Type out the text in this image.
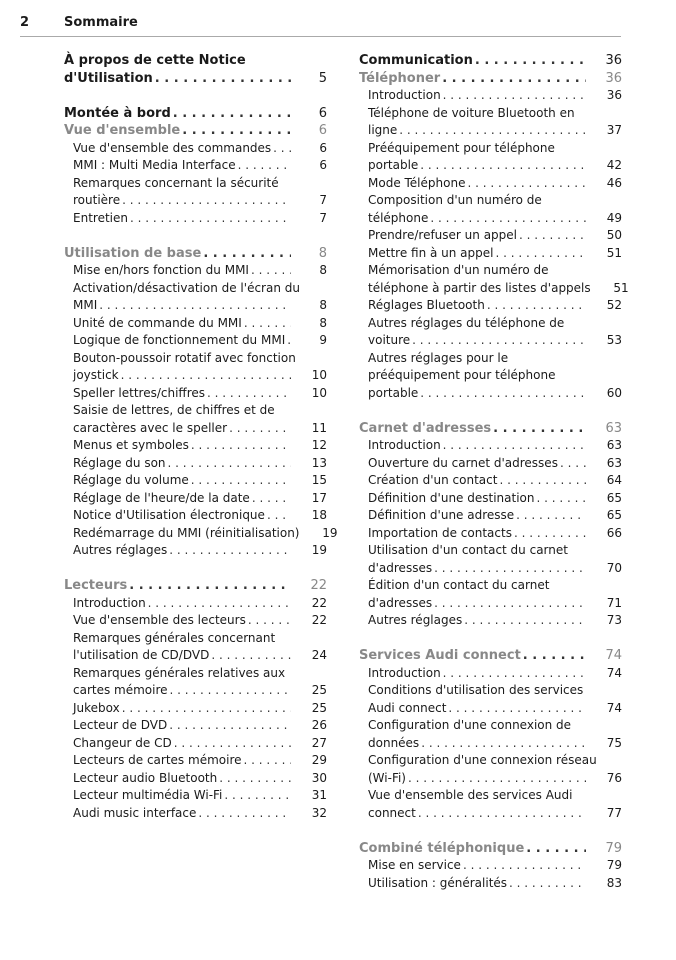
2	Sommaire
À propos de cette Notice
d'Utilisation . . .	5
Montée à bord . . .	6
Vue d'ensemble . . .	6
Vue d'ensemble des commandes . . .	6
MMI : Multi Media Interface . . .	6
Remarques concernant la sécurité
routière . . .	7
Entretien . . .	7
Utilisation de base . . .	8
Mise en/hors fonction du MMI . . .	8
Activation/désactivation de l'écran du
MMI . . .	8
Unité de commande du MMI . . .	8
Logique de fonctionnement du MMI . . .	9
Bouton-poussoir rotatif avec fonction
joystick . . .	10
Speller lettres/chiffres . . .	10
Saisie de lettres, de chiffres et de
caractères avec le speller . . .	11
Menus et symboles . . .	12
Réglage du son . . .	13
Réglage du volume . . .	15
Réglage de l'heure/de la date . . .	17
Notice d'Utilisation électronique . . .	18
Redémarrage du MMI (réinitialisation)	19
Autres réglages . . .	19
Lecteurs . . .	22
Introduction . . .	22
Vue d'ensemble des lecteurs . . .	22
Remarques générales concernant
l'utilisation de CD/DVD . . .	24
Remarques générales relatives aux
cartes mémoire . . .	25
Jukebox . . .	25
Lecteur de DVD . . .	26
Changeur de CD . . .	27
Lecteurs de cartes mémoire . . .	29
Lecteur audio Bluetooth . . .	30
Lecteur multimédia Wi-Fi . . .	31
Audi music interface . . .	32
Communication . . .	36
Téléphoner . . .	36
Introduction . . .	36
Téléphone de voiture Bluetooth en
ligne . . .	37
Prééquipement pour téléphone
portable . . .	42
Mode Téléphone . . .	46
Composition d'un numéro de
téléphone . . .	49
Prendre/refuser un appel . . .	50
Mettre fin à un appel . . .	51
Mémorisation d'un numéro de
téléphone à partir des listes d'appels	51
Réglages Bluetooth . . .	52
Autres réglages du téléphone de
voiture . . .	53
Autres réglages pour le
prééquipement pour téléphone
portable . . .	60
Carnet d'adresses . . .	63
Introduction . . .	63
Ouverture du carnet d'adresses . . .	63
Création d'un contact . . .	64
Définition d'une destination . . .	65
Définition d'une adresse . . .	65
Importation de contacts . . .	66
Utilisation d'un contact du carnet
d'adresses . . .	70
Édition d'un contact du carnet
d'adresses . . .	71
Autres réglages . . .	73
Services Audi connect . . .	74
Introduction . . .	74
Conditions d'utilisation des services
Audi connect . . .	74
Configuration d'une connexion de
données . . .	75
Configuration d'une connexion réseau
(Wi-Fi) . . .	76
Vue d'ensemble des services Audi
connect . . .	77
Combiné téléphonique . . .	79
Mise en service . . .	79
Utilisation : généralités . . .	83
